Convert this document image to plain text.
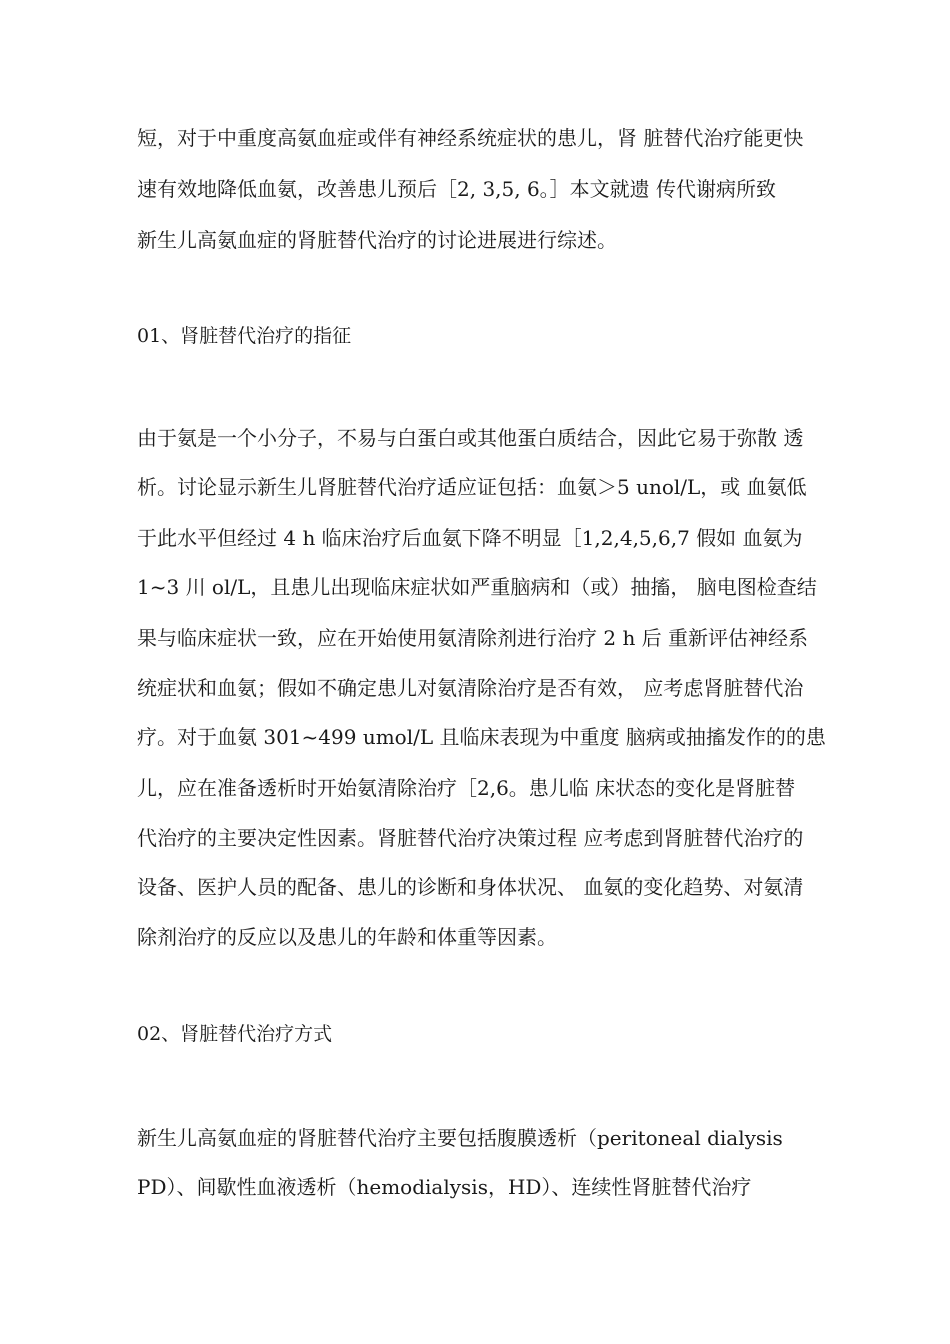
短，对于中重度高氨血症或伴有神经系统症状的患儿，肾 脏替代治疗能更快
速有效地降低血氨，改善患儿预后［2, 3,5, 6。］本文就遗 传代谢病所致
新生儿高氨血症的肾脏替代治疗的讨论进展进行综述。
01、肾脏替代治疗的指征
由于氨是一个小分子，不易与白蛋白或其他蛋白质结合，因此它易于弥散 透
析。讨论显示新生儿肾脏替代治疗适应证包括：血氨＞5 unol/L，或 血氨低
于此水平但经过 4 h 临床治疗后血氨下降不明显［1,2,4,5,6,7 假如 血氨为
1~3 川 ol/L，且患儿出现临床症状如严重脑病和（或）抽搐， 脑电图检查结
果与临床症状一致，应在开始使用氨清除剂进行治疗 2 h 后 重新评估神经系
统症状和血氨；假如不确定患儿对氨清除治疗是否有效， 应考虑肾脏替代治
疗。对于血氨 301~499 umol/L 且临床表现为中重度 脑病或抽搐发作的的患
儿，应在准备透析时开始氨清除治疗［2,6。患儿临 床状态的变化是肾脏替
代治疗的主要决定性因素。肾脏替代治疗决策过程 应考虑到肾脏替代治疗的
设备、医护人员的配备、患儿的诊断和身体状况、 血氨的变化趋势、对氨清
除剂治疗的反应以及患儿的年龄和体重等因素。
02、肾脏替代治疗方式
新生儿高氨血症的肾脏替代治疗主要包括腹膜透析（peritoneal dialysis
PD）、间歇性血液透析（hemodialysis，HD）、连续性肾脏替代治疗
